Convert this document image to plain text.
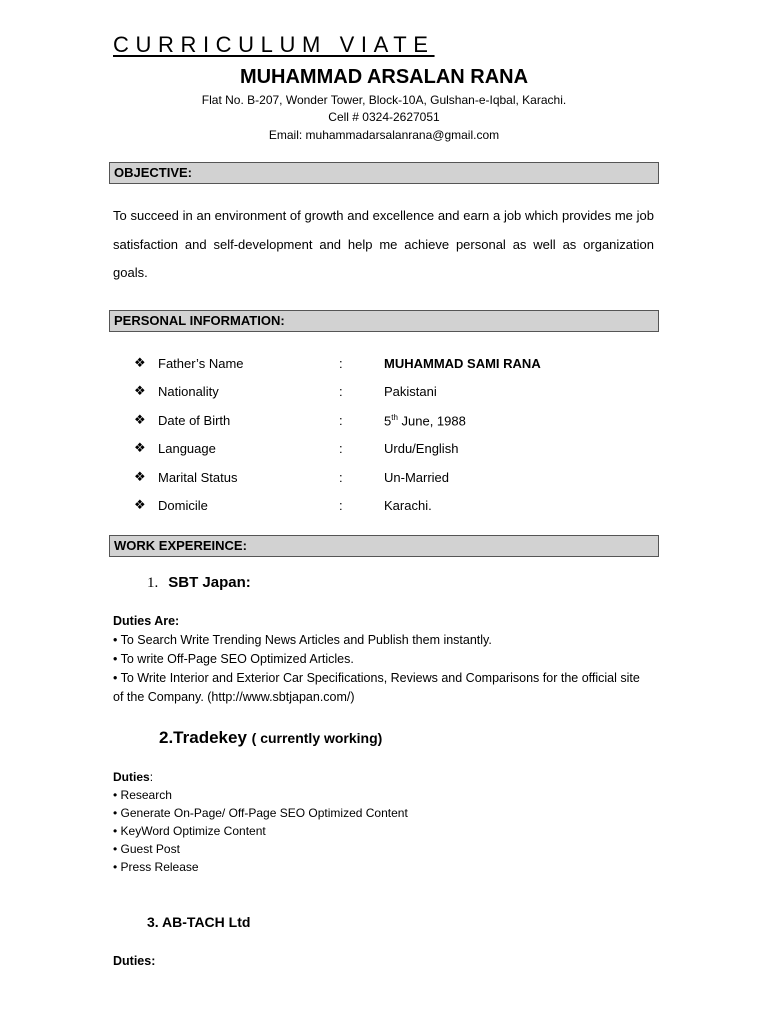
CURRICULUM VIATE
MUHAMMAD ARSALAN RANA
Flat No. B-207, Wonder Tower, Block-10A, Gulshan-e-Iqbal, Karachi.
Cell # 0324-2627051
Email: muhammadarsalanrana@gmail.com
OBJECTIVE:

To succeed in an environment of growth and excellence and earn a job which provides me job satisfaction and self-development and help me achieve personal as well as organization goals.

PERSONAL INFORMATION:
❖ Father’s Name	:	MUHAMMAD SAMI RANA
❖ Nationality	:	Pakistani
❖ Date of Birth	:	5th June, 1988
❖ Language	:	Urdu/English
❖ Marital Status	:	Un-Married
❖ Domicile	:	Karachi.
WORK EXPEREINCE:
1. SBT Japan:
Duties Are:
• To Search Write Trending News Articles and Publish them instantly.
• To write Off-Page SEO Optimized Articles.
• To Write Interior and Exterior Car Specifications, Reviews and Comparisons for the official site of the Company. (http://www.sbtjapan.com/)
2.Tradekey ( currently working)
Duties:
• Research
• Generate On-Page/ Off-Page SEO Optimized Content
• KeyWord Optimize Content
• Guest Post
• Press Release
3. AB-TACH Ltd
Duties:
